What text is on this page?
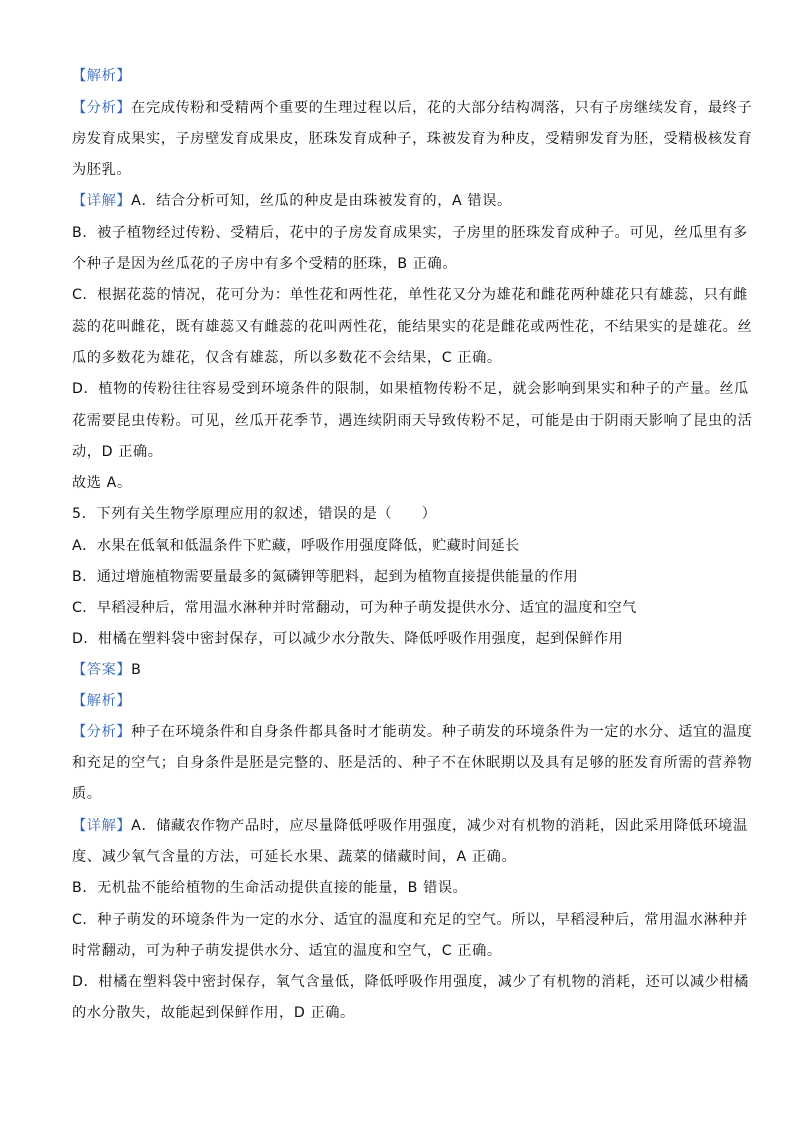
【解析】
【分析】在完成传粉和受精两个重要的生理过程以后，花的大部分结构凋落，只有子房继续发育，最终子
房发育成果实，子房壁发育成果皮，胚珠发育成种子，珠被发育为种皮，受精卵发育为胚，受精极核发育
为胚乳。
【详解】A．结合分析可知，丝瓜的种皮是由珠被发育的，A 错误。
B．被子植物经过传粉、受精后，花中的子房发育成果实，子房里的胚珠发育成种子。可见，丝瓜里有多
个种子是因为丝瓜花的子房中有多个受精的胚珠，B 正确。
C．根据花蕊的情况，花可分为：单性花和两性花，单性花又分为雄花和雌花两种雄花只有雄蕊，只有雌
蕊的花叫雌花，既有雄蕊又有雌蕊的花叫两性花，能结果实的花是雌花或两性花，不结果实的是雄花。丝
瓜的多数花为雄花，仅含有雄蕊，所以多数花不会结果，C 正确。
D．植物的传粉往往容易受到环境条件的限制，如果植物传粉不足，就会影响到果实和种子的产量。丝瓜
花需要昆虫传粉。可见，丝瓜开花季节，遇连续阴雨天导致传粉不足，可能是由于阴雨天影响了昆虫的活
动，D 正确。
故选 A。
5．下列有关生物学原理应用的叙述，错误的是（　　）
A．水果在低氧和低温条件下贮藏，呼吸作用强度降低，贮藏时间延长
B．通过增施植物需要量最多的氮磷钾等肥料，起到为植物直接提供能量的作用
C．早稻浸种后，常用温水淋种并时常翻动，可为种子萌发提供水分、适宜的温度和空气
D．柑橘在塑料袋中密封保存，可以减少水分散失、降低呼吸作用强度，起到保鲜作用
【答案】B
【解析】
【分析】种子在环境条件和自身条件都具备时才能萌发。种子萌发的环境条件为一定的水分、适宜的温度
和充足的空气；自身条件是胚是完整的、胚是活的、种子不在休眠期以及具有足够的胚发育所需的营养物
质。
【详解】A．储藏农作物产品时，应尽量降低呼吸作用强度，减少对有机物的消耗，因此采用降低环境温
度、减少氧气含量的方法，可延长水果、蔬菜的储藏时间，A 正确。
B．无机盐不能给植物的生命活动提供直接的能量，B 错误。
C．种子萌发的环境条件为一定的水分、适宜的温度和充足的空气。所以，早稻浸种后，常用温水淋种并
时常翻动，可为种子萌发提供水分、适宜的温度和空气，C 正确。
D．柑橘在塑料袋中密封保存，氧气含量低，降低呼吸作用强度，减少了有机物的消耗，还可以减少柑橘
的水分散失，故能起到保鲜作用，D 正确。
